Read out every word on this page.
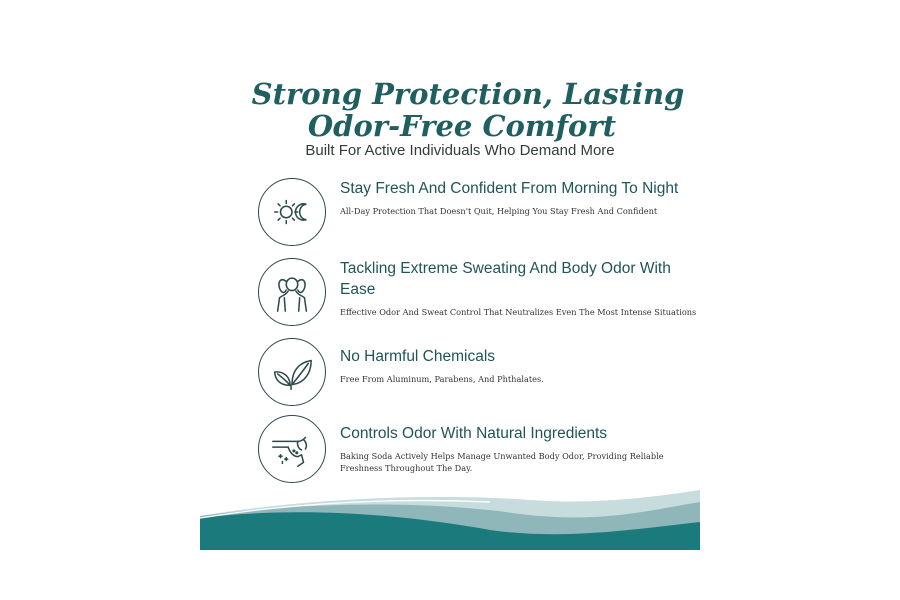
Strong Protection, Lasting
Odor-Free Comfort

Built For Active Individuals Who Demand More

Stay Fresh And Confident From Morning To Night

All-Day Protection That Doesn't Quit, Helping You Stay Fresh And Confident

Tackling Extreme Sweating And Body Odor With Ease

Effective Odor And Sweat Control That Neutralizes Even The Most Intense Situations

No Harmful Chemicals

Free From Aluminum, Parabens, And Phthalates.

Controls Odor With Natural Ingredients

Baking Soda Actively Helps Manage Unwanted Body Odor, Providing Reliable Freshness Throughout The Day.
